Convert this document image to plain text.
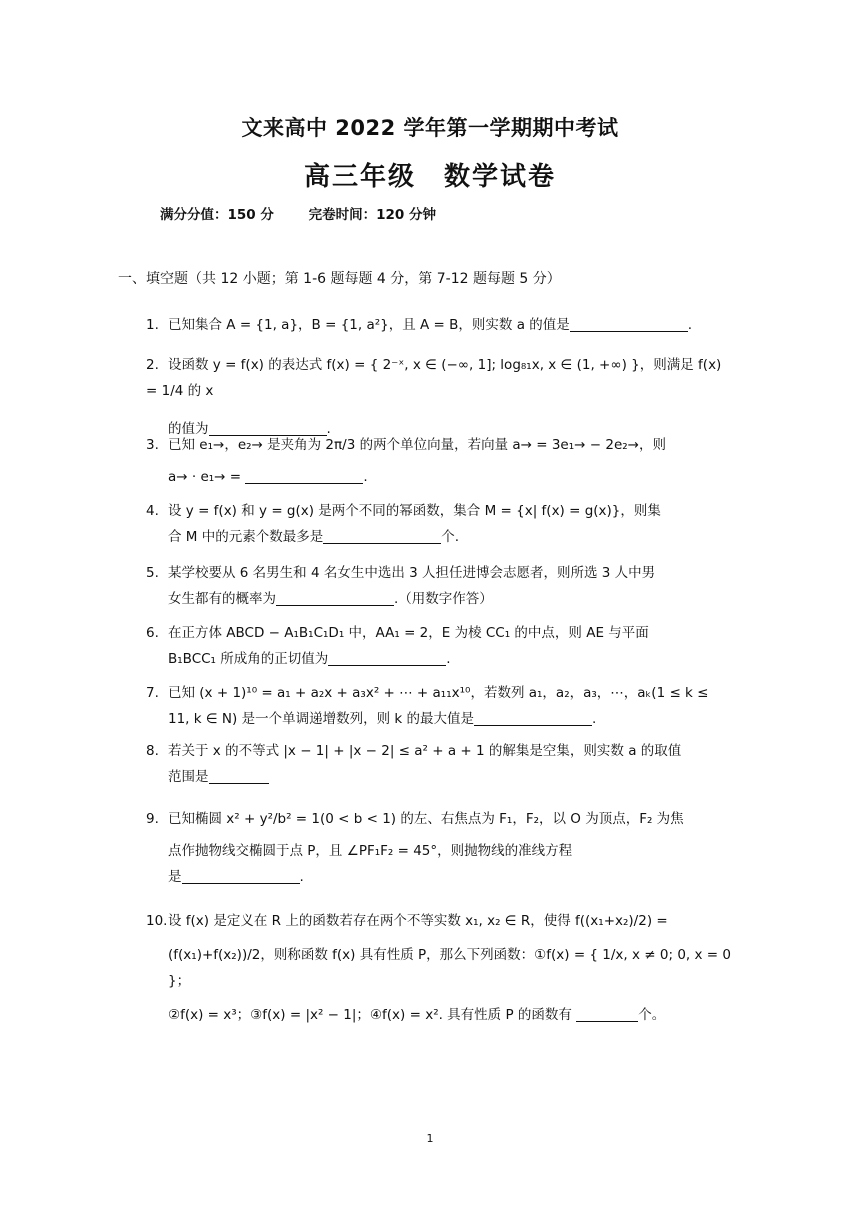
文来高中 2022 学年第一学期期中考试
高三年级　数学试卷
满分分值：150 分	完卷时间：120 分钟
一、填空题（共 12 小题；第 1-6 题每题 4 分，第 7-12 题每题 5 分）
1. 已知集合 A = {1, a}，B = {1, a²}，且 A = B，则实数 a 的值是	.
2. 设函数 y = f(x) 的表达式 f(x) = { 2⁻ˣ, x ∈ (−∞, 1]; log₈₁x, x ∈ (1, +∞) }，则满足 f(x) = 1/4 的 x
的值为	.
3. 已知 e₁→，e₂→ 是夹角为 2π/3 的两个单位向量，若向量 a→ = 3e₁→ − 2e₂→，则
a→ · e₁→ =	.
4. 设 y = f(x) 和 y = g(x) 是两个不同的幂函数，集合 M = {x| f(x) = g(x)}，则集
合 M 中的元素个数最多是	个.
5. 某学校要从 6 名男生和 4 名女生中选出 3 人担任进博会志愿者，则所选 3 人中男
女生都有的概率为	.（用数字作答）
6. 在正方体 ABCD − A₁B₁C₁D₁ 中，AA₁ = 2，E 为棱 CC₁ 的中点，则 AE 与平面
B₁BCC₁ 所成角的正切值为	.
7. 已知 (x + 1)¹⁰ = a₁ + a₂x + a₃x² + ⋯ + a₁₁x¹⁰，若数列 a₁，a₂，a₃，⋯，aₖ(1 ≤ k ≤
11, k ∈ N) 是一个单调递增数列，则 k 的最大值是	.
8. 若关于 x 的不等式 |x − 1| + |x − 2| ≤ a² + a + 1 的解集是空集，则实数 a 的取值
范围是
9. 已知椭圆 x² + y²/b² = 1(0 < b < 1) 的左、右焦点为 F₁，F₂，以 O 为顶点，F₂ 为焦
点作抛物线交椭圆于点 P，且 ∠PF₁F₂ = 45°，则抛物线的准线方程
是	.
10.设 f(x) 是定义在 R 上的函数若存在两个不等实数 x₁, x₂ ∈ R，使得 f((x₁+x₂)/2) =
(f(x₁)+f(x₂))/2，则称函数 f(x) 具有性质 P，那么下列函数：①f(x) = { 1/x, x ≠ 0; 0, x = 0 }；
②f(x) = x³；③f(x) = |x² − 1|；④f(x) = x². 具有性质 P 的函数有	个。
1
